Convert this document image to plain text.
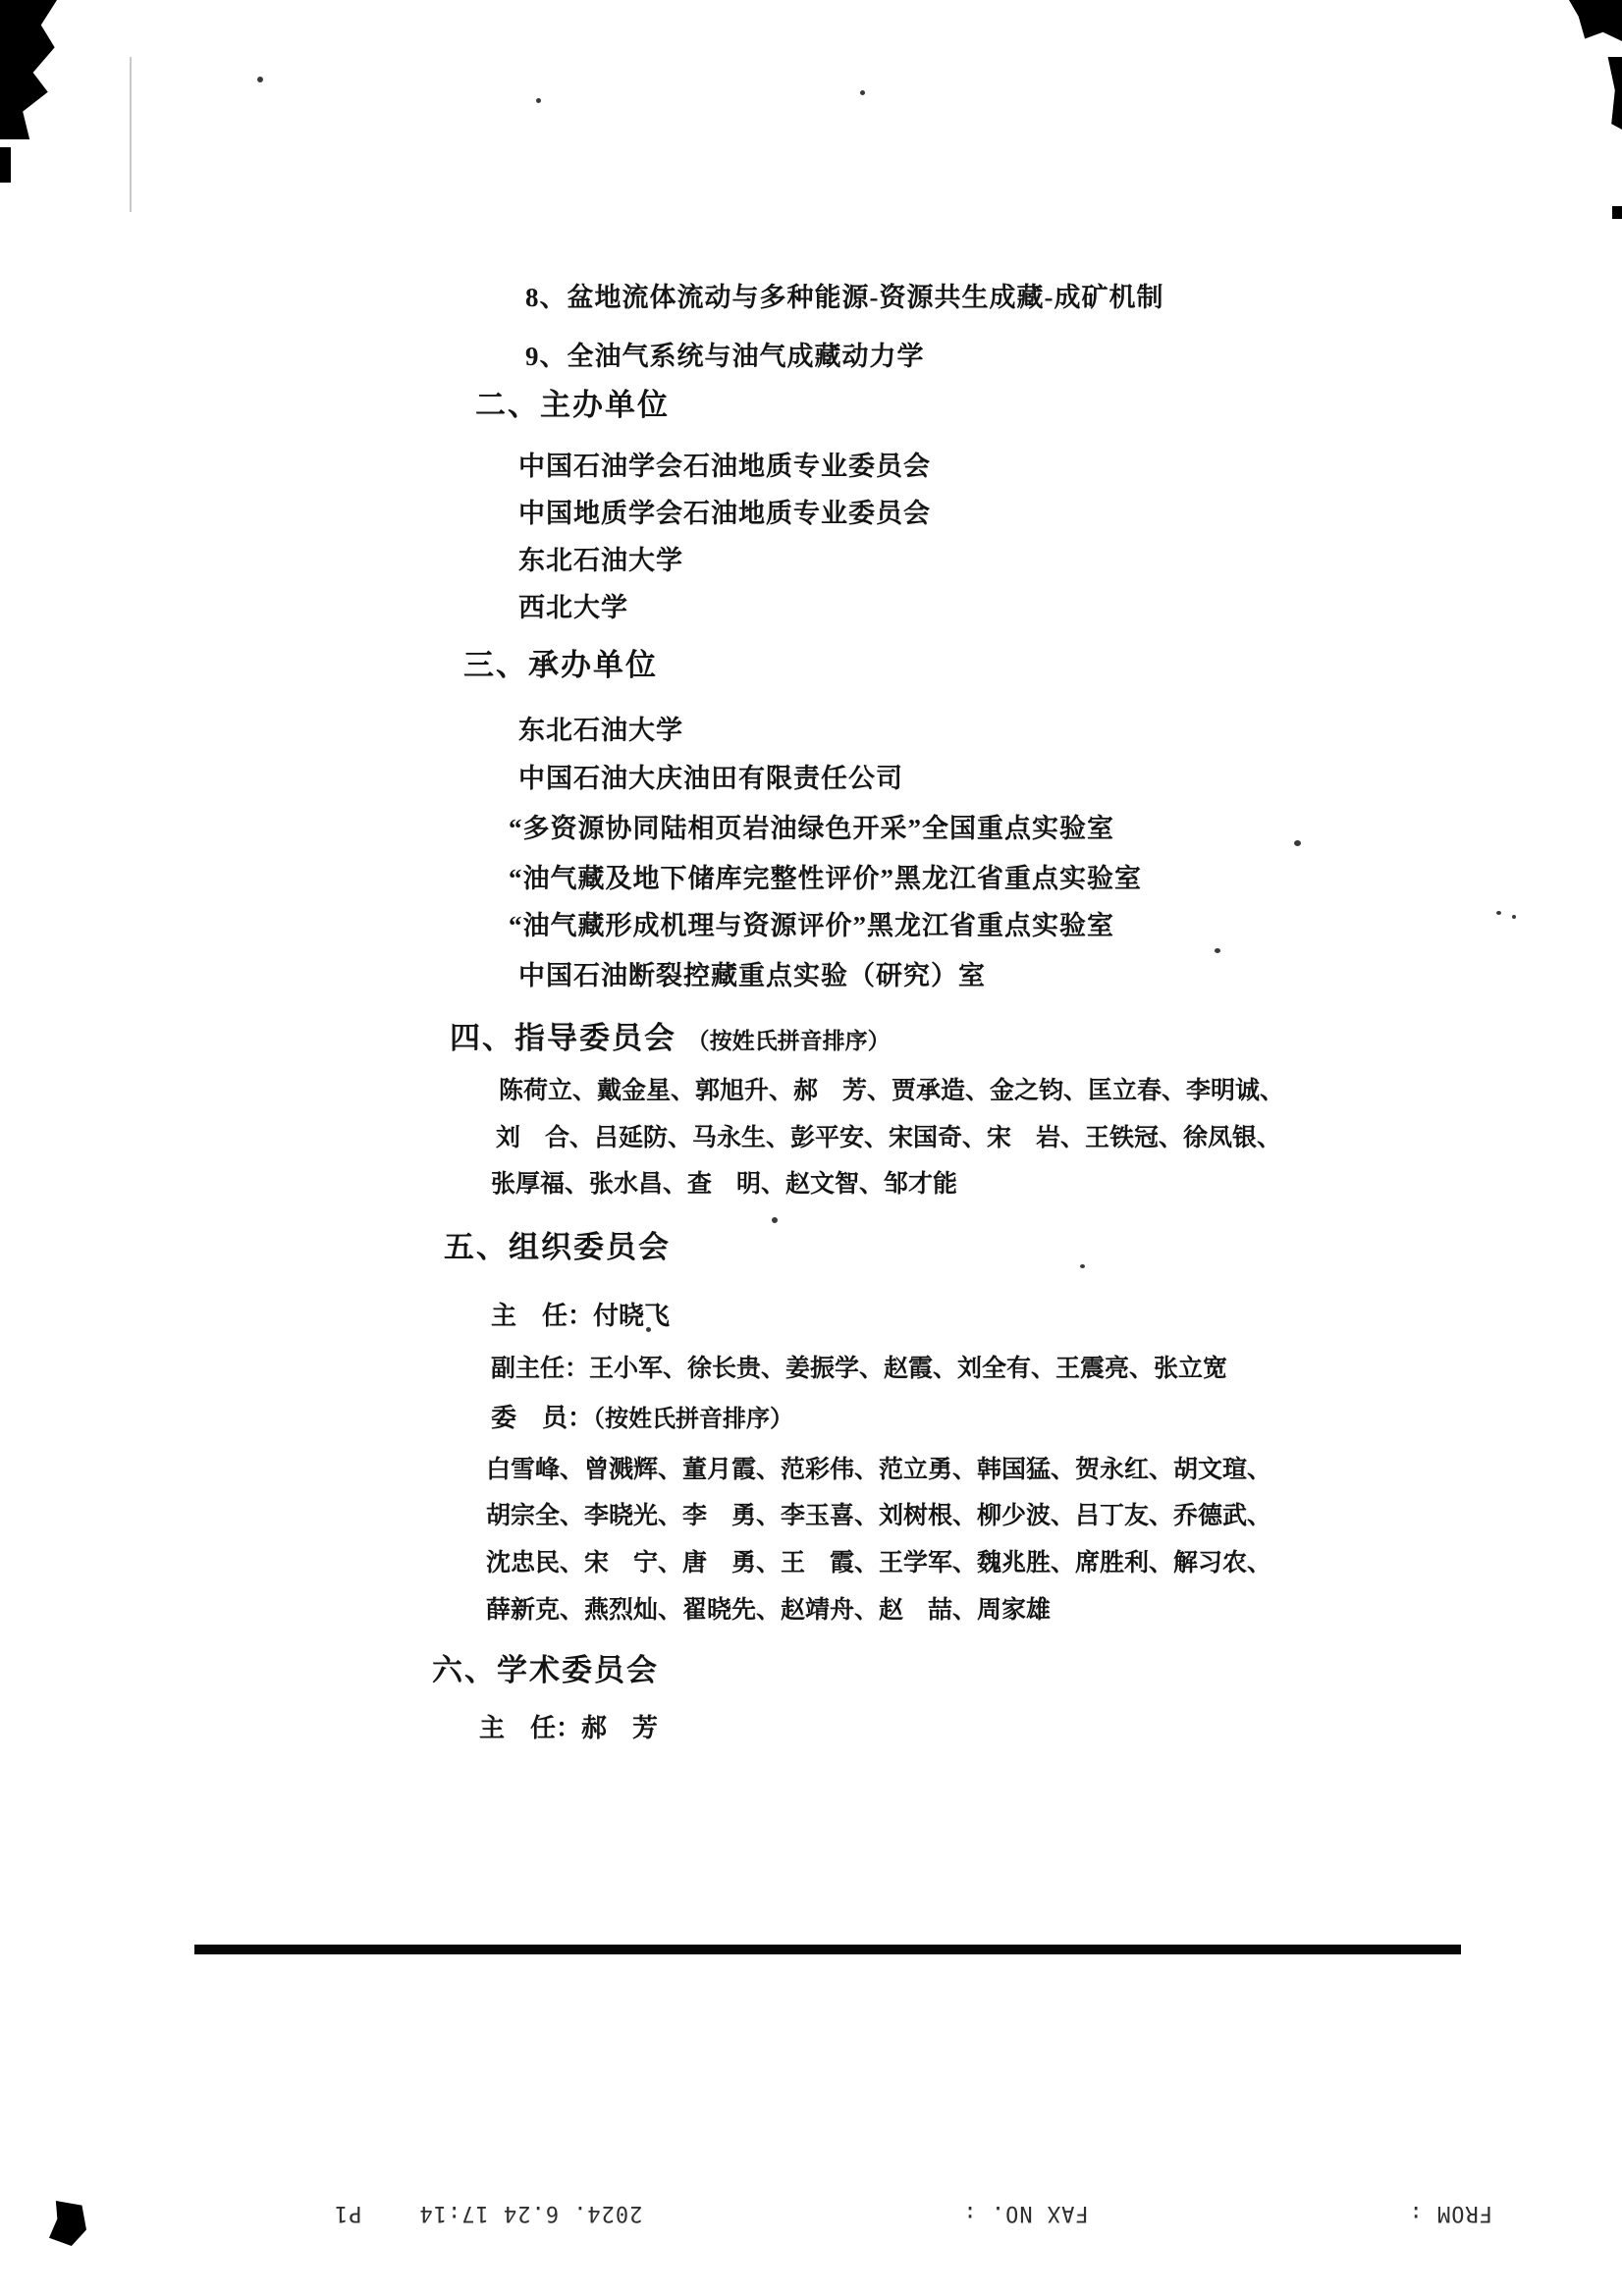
8、盆地流体流动与多种能源-资源共生成藏-成矿机制
9、全油气系统与油气成藏动力学
二、主办单位
中国石油学会石油地质专业委员会
中国地质学会石油地质专业委员会
东北石油大学
西北大学
三、承办单位
东北石油大学
中国石油大庆油田有限责任公司
“多资源协同陆相页岩油绿色开采”全国重点实验室
“油气藏及地下储库完整性评价”黑龙江省重点实验室
“油气藏形成机理与资源评价”黑龙江省重点实验室
中国石油断裂控藏重点实验（研究）室
四、指导委员会 （按姓氏拼音排序）
陈荷立、戴金星、郭旭升、郝　芳、贾承造、金之钧、匡立春、李明诚、
刘　合、吕延防、马永生、彭平安、宋国奇、宋　岩、王铁冠、徐凤银、
张厚福、张水昌、查　明、赵文智、邹才能
五、组织委员会
主　任：付晓飞
副主任：王小军、徐长贵、姜振学、赵霞、刘全有、王震亮、张立宽
委　员：（按姓氏拼音排序）
白雪峰、曾溅辉、董月霞、范彩伟、范立勇、韩国猛、贺永红、胡文瑄、
胡宗全、李晓光、李　勇、李玉喜、刘树根、柳少波、吕丁友、乔德武、
沈忠民、宋　宁、唐　勇、王　霞、王学军、魏兆胜、席胜利、解习农、
薛新克、燕烈灿、翟晓先、赵靖舟、赵　喆、周家雄
六、学术委员会
主　任：郝　芳
FROM :
FAX NO. :
2024. 6.24 17:14
P1
